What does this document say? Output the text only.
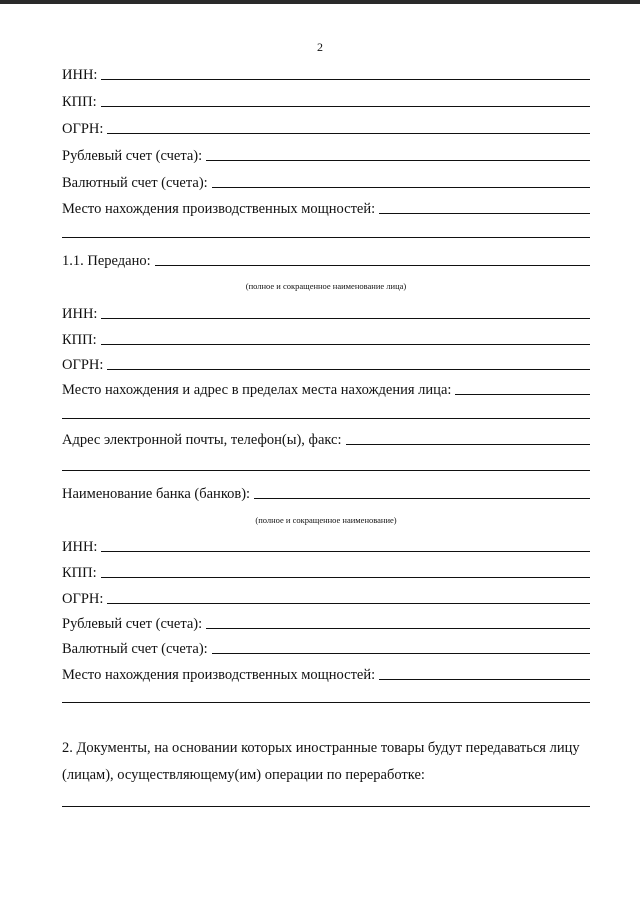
2
ИНН:
КПП:
ОГРН:
Рублевый счет (счета):
Валютный счет (счета):
Место нахождения производственных мощностей:
1.1. Передано:
(полное и сокращенное наименование лица)
ИНН:
КПП:
ОГРН:
Место нахождения и адрес в пределах места нахождения лица:
Адрес электронной почты, телефон(ы), факс:
Наименование банка (банков):
(полное и сокращенное наименование)
ИНН:
КПП:
ОГРН:
Рублевый счет (счета):
Валютный счет (счета):
Место нахождения производственных мощностей:
2. Документы, на основании которых иностранные товары будут передаваться лицу
(лицам), осуществляющему(им) операции по переработке:
